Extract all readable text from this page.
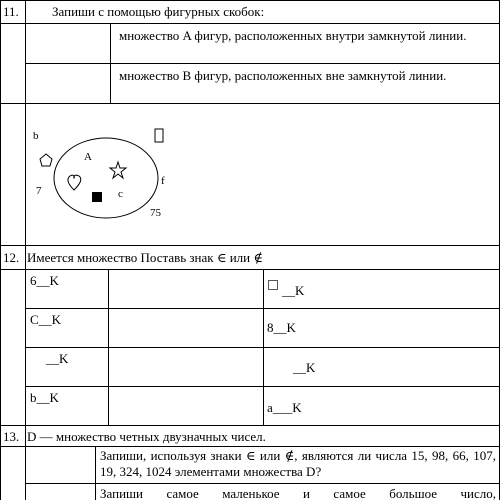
11.	Запиши с помощью фигурных скобок:
множество A фигур, расположенных внутри замкнутой линии.
множество B фигур, расположенных вне замкнутой линии.
b
A
7	c
f
75
12. Имеется множество Поставь знак ∈ или ∉
6__K
__K
C__K
8__K
__K
__K
b__K
a___K
13. D — множество четных двузначных чисел.
Запиши, используя знаки ∈ или ∉, являются ли числа 15, 98, 66, 107, 19, 324, 1024 элементами множества D?
Запиши самое маленькое и самое большое число,
